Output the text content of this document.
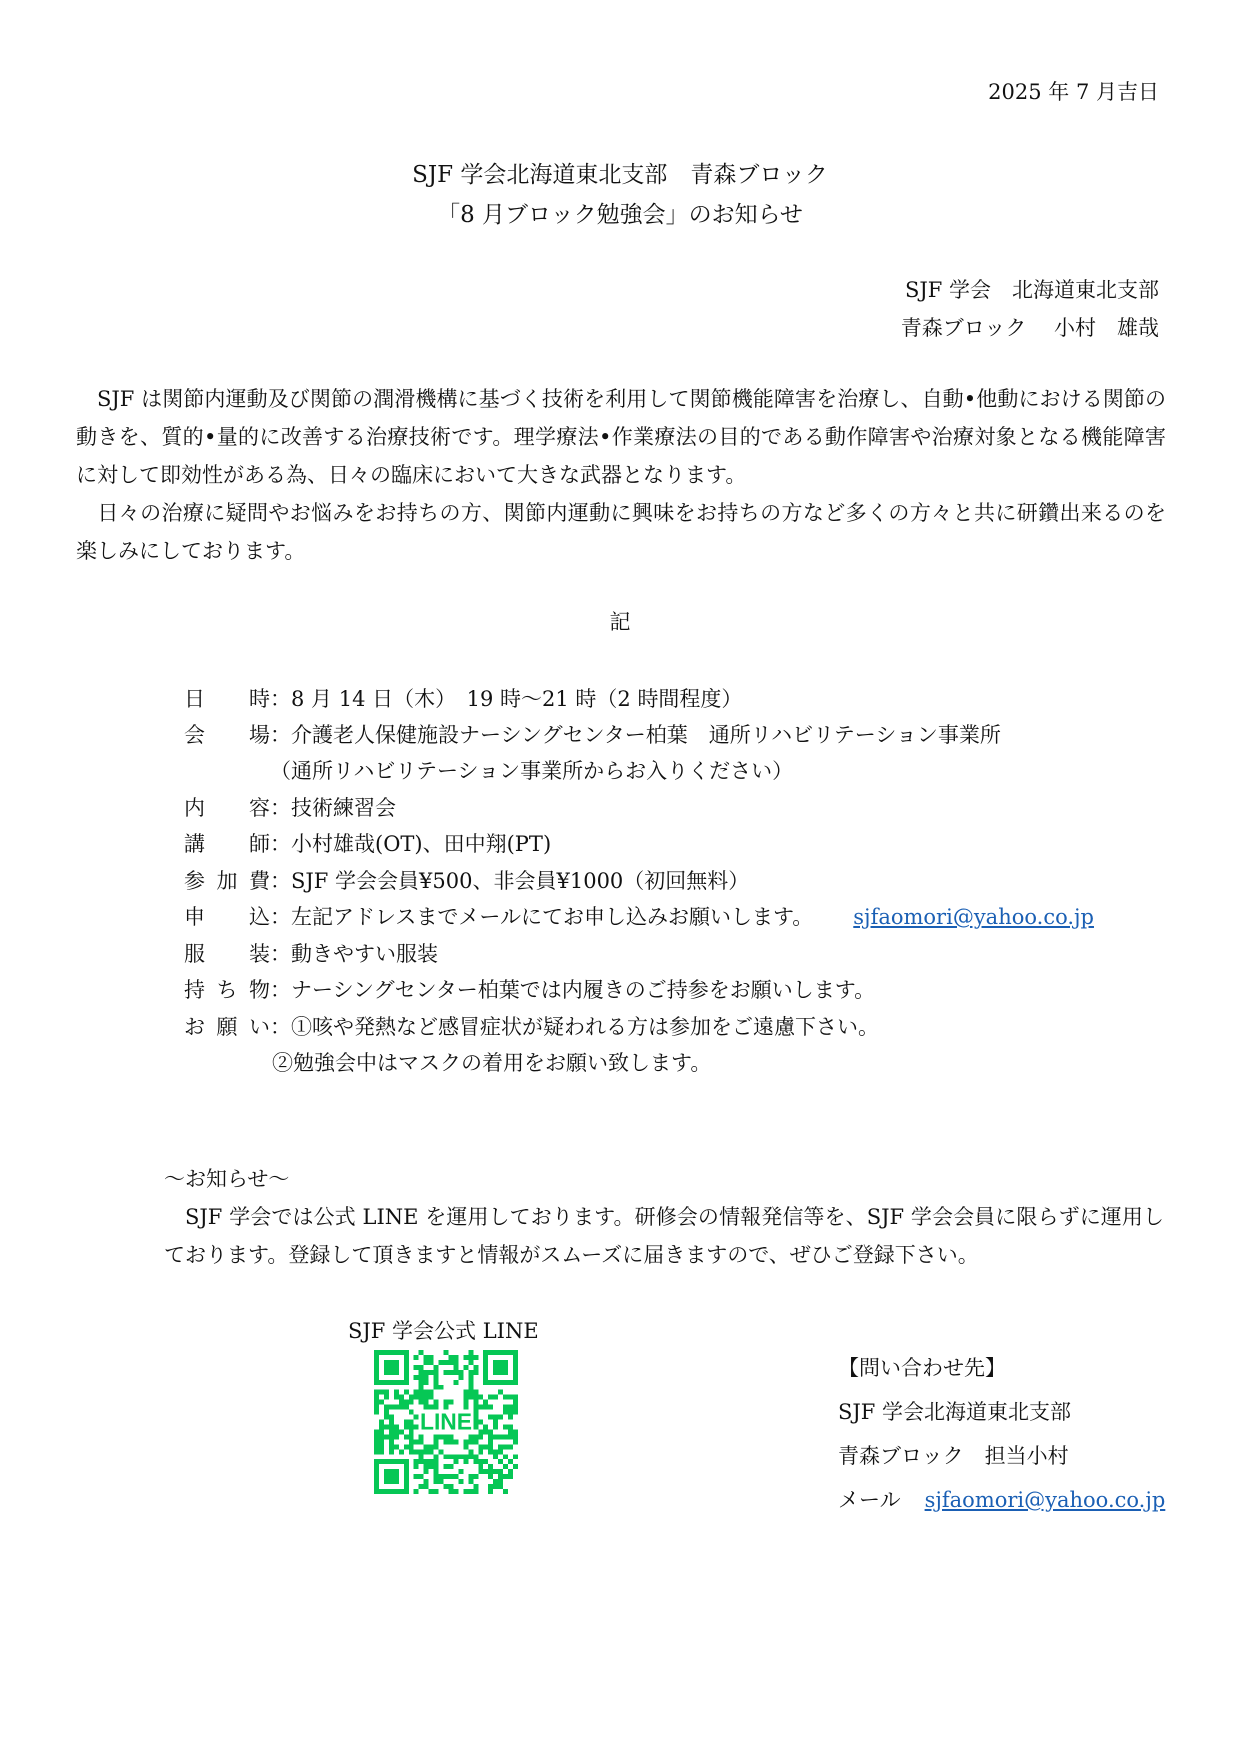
2025 年 7 月吉日
SJF 学会北海道東北支部　青森ブロック
「8 月ブロック勉強会」のお知らせ
SJF 学会　北海道東北支部
青森ブロック　 小村　雄哉
SJF は関節内運動及び関節の潤滑機構に基づく技術を利用して関節機能障害を治療し、自動•他動における関節の動きを、質的•量的に改善する治療技術です。理学療法•作業療法の目的である動作障害や治療対象となる機能障害に対して即効性がある為、日々の臨床において大きな武器となります。
日々の治療に疑問やお悩みをお持ちの方、関節内運動に興味をお持ちの方など多くの方々と共に研鑽出来るのを楽しみにしております。
記
日　時：8 月 14 日（木）　19 時〜21 時（2 時間程度）
会　場：介護老人保健施設ナーシングセンター柏葉　通所リハビリテーション事業所
（通所リハビリテーション事業所からお入りください）
内　容：技術練習会
講　師：小村雄哉(OT)、田中翔(PT)
参加費：SJF 学会会員¥500、非会員¥1000（初回無料）
申　込：左記アドレスまでメールにてお申し込みお願いします。 sjfaomori@yahoo.co.jp
服　装：動きやすい服装
持ち物：ナーシングセンター柏葉では内履きのご持参をお願いします。
お願い：①咳や発熱など感冒症状が疑われる方は参加をご遠慮下さい。
②勉強会中はマスクの着用をお願い致します。
〜お知らせ〜
SJF 学会では公式 LINE を運用しております。研修会の情報発信等を、SJF 学会会員に限らずに運用しております。登録して頂きますと情報がスムーズに届きますので、ぜひご登録下さい。
SJF 学会公式 LINE
LINE
【問い合わせ先】
SJF 学会北海道東北支部
青森ブロック　担当小村
メール sjfaomori@yahoo.co.jp
